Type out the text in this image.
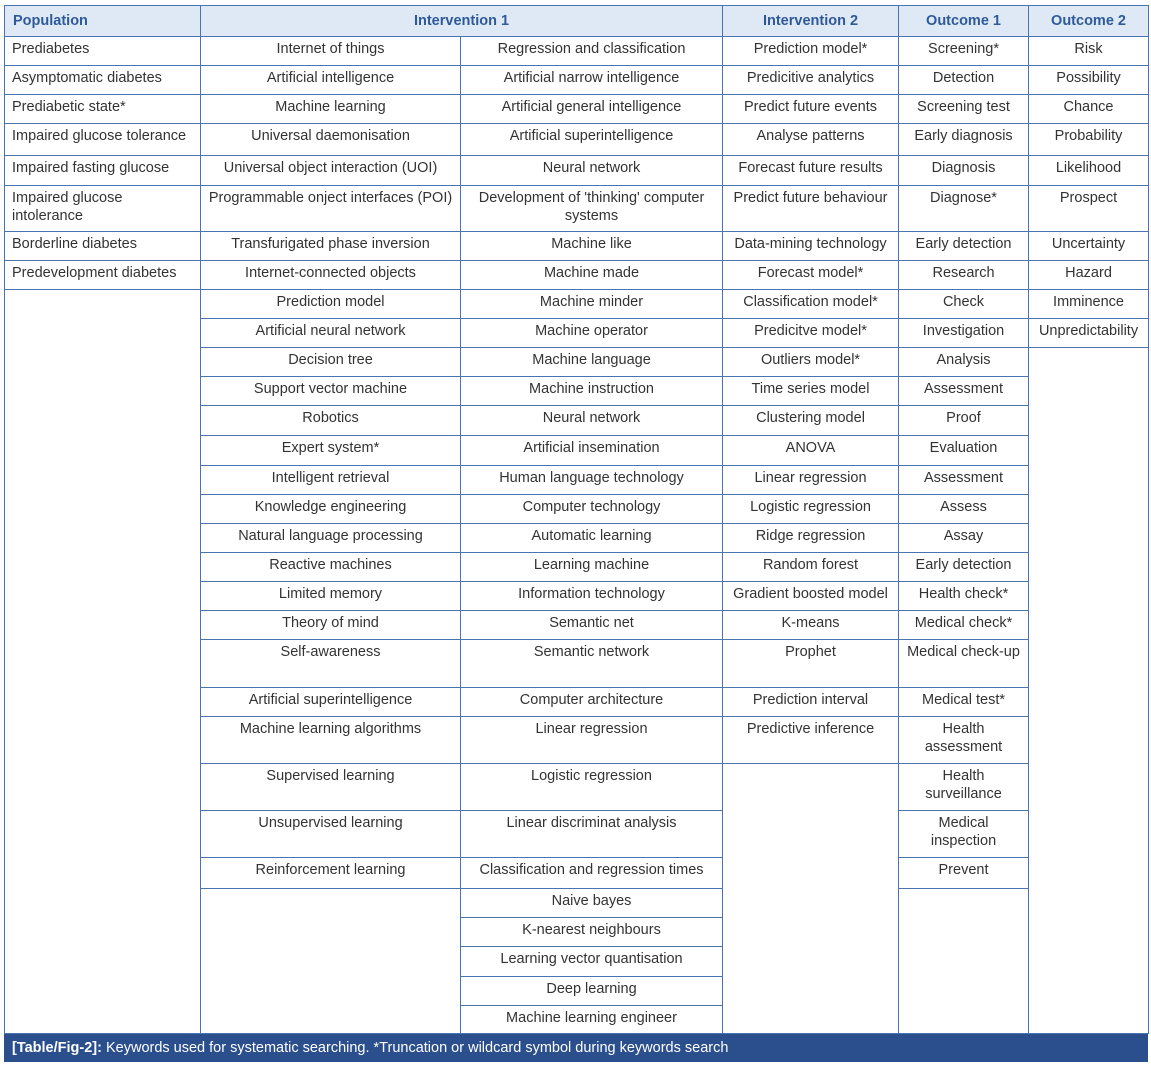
Population	Intervention 1		Intervention 2	Outcome 1	Outcome 2
Prediabetes	Internet of things	Regression and classification	Prediction model*	Screening*	Risk
Asymptomatic diabetes	Artificial intelligence	Artificial narrow intelligence	Predicitive analytics	Detection	Possibility
Prediabetic state*	Machine learning	Artificial general intelligence	Predict future events	Screening test	Chance
Impaired glucose tolerance	Universal daemonisation	Artificial superintelligence	Analyse patterns	Early diagnosis	Probability
Impaired fasting glucose	Universal object interaction (UOI)	Neural network	Forecast future results	Diagnosis	Likelihood
Impaired glucose intolerance	Programmable onject interfaces (POI)	Development of 'thinking' computer systems	Predict future behaviour	Diagnose*	Prospect
Borderline diabetes	Transfurigated phase inversion	Machine like	Data-mining technology	Early detection	Uncertainty
Predevelopment diabetes	Internet-connected objects	Machine made	Forecast model*	Research	Hazard
	Prediction model	Machine minder	Classification model*	Check	Imminence
	Artificial neural network	Machine operator	Predicitve model*	Investigation	Unpredictability
	Decision tree	Machine language	Outliers model*	Analysis	
	Support vector machine	Machine instruction	Time series model	Assessment	
	Robotics	Neural network	Clustering model	Proof	
	Expert system*	Artificial insemination	ANOVA	Evaluation	
	Intelligent retrieval	Human language technology	Linear regression	Assessment	
	Knowledge engineering	Computer technology	Logistic regression	Assess	
	Natural language processing	Automatic learning	Ridge regression	Assay	
	Reactive machines	Learning machine	Random forest	Early detection	
	Limited memory	Information technology	Gradient boosted model	Health check*	
	Theory of mind	Semantic net	K-means	Medical check*	
	Self-awareness	Semantic network	Prophet	Medical check-up	
	Artificial superintelligence	Computer architecture	Prediction interval	Medical test*	
	Machine learning algorithms	Linear regression	Predictive inference	Health assessment	
	Supervised learning	Logistic regression		Health surveillance	
	Unsupervised learning	Linear discriminat analysis		Medical inspection	
	Reinforcement learning	Classification and regression times		Prevent	
		Naive bayes			
		K-nearest neighbours			
		Learning vector quantisation			
		Deep learning			
		Machine learning engineer			
[Table/Fig-2]: Keywords used for systematic searching. *Truncation or wildcard symbol during keywords search
